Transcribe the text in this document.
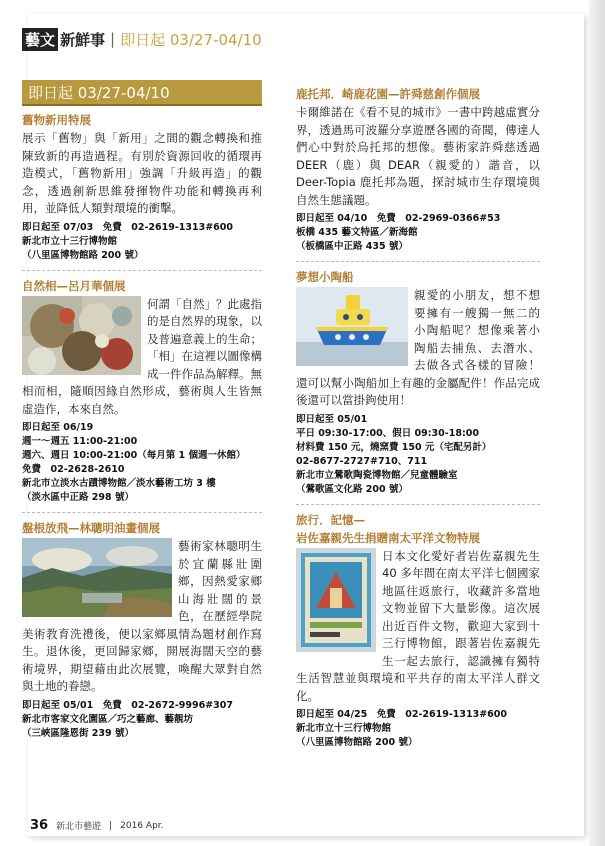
藝文 新鮮事 | 即日起 03/27-04/10
即日起 03/27-04/10
舊物新用特展
展示「舊物」與「新用」之間的觀念轉換和推陳致新的再造過程。有別於資源回收的循環再造模式，「舊物新用」強調「升級再造」的觀念，透過創新思維發揮物件功能和轉換再利用，並降低人類對環境的衝擊。
即日起至 07/03　免費　02-2619-1313#600
新北市立十三行博物館
（八里區博物館路 200 號）
自然相—呂月華個展
何謂「自然」？此處指的是自然界的現象，以及普遍意義上的生命；「相」在這裡以圖像構成一件作品為解釋。無相而相，隨順因緣自然形成，藝術與人生皆無虛造作，本來自然。
即日起至 06/19
週一～週五 11:00-21:00
週六、週日 10:00-21:00（每月第 1 個週一休館）
免費　02-2628-2610
新北市立淡水古蹟博物館／淡水藝術工坊 3 樓
（淡水區中正路 298 號）
盤根放飛—林聰明油畫個展
藝術家林聰明生於宜蘭縣壯圍鄉，因熱愛家鄉山海壯闊的景色，在歷經學院美術教育洗禮後，便以家鄉風情為題材創作寫生。退休後，更回歸家鄉，開展海闊天空的藝術境界，期望藉由此次展覽，喚醒大眾對自然與土地的眷戀。
即日起至 05/01　免費　02-2672-9996#307
新北市客家文化園區／巧之藝廊、藝靚坊
（三峽區隆恩街 239 號）
鹿托邦．崎鹿花園—許舜慈創作個展
卡爾維諾在《看不見的城市》一書中跨越虛實分界，透過馬可波羅分享遊歷各國的奇聞，傳達人們心中對於烏托邦的想像。藝術家許舜慈透過 DEER（鹿）與 DEAR（親愛的）諧音，以 Deer-Topia 鹿托邦為題，探討城市生存環境與自然生態議題。
即日起至 04/10　免費　02-2969-0366#53
板橋 435 藝文特區／新海館
（板橋區中正路 435 號）
夢想小陶船
親愛的小朋友，想不想要擁有一艘獨一無二的小陶船呢？想像乘著小陶船去捕魚、去潛水、去做各式各樣的冒險！還可以幫小陶船加上有趣的金屬配件！作品完成後還可以當掛鉤使用！
即日起至 05/01
平日 09:30-17:00、假日 09:30-18:00
材料費 150 元，燒窯費 150 元（宅配另計）
02-8677-2727#710、711
新北市立鶯歌陶瓷博物館／兒童體驗室
（鶯歌區文化路 200 號）
旅行．記憶—
岩佐嘉親先生捐贈南太平洋文物特展
日本文化愛好者岩佐嘉親先生 40 多年間在南太平洋七個國家地區往返旅行，收藏許多當地文物並留下大量影像。這次展出近百件文物，歡迎大家到十三行博物館，跟著岩佐嘉親先生一起去旅行，認識擁有獨特生活智慧並與環境和平共存的南太平洋人群文化。
即日起至 04/25　免費　02-2619-1313#600
新北市立十三行博物館
（八里區博物館路 200 號）
36 新北市藝遊 | 2016 Apr.
